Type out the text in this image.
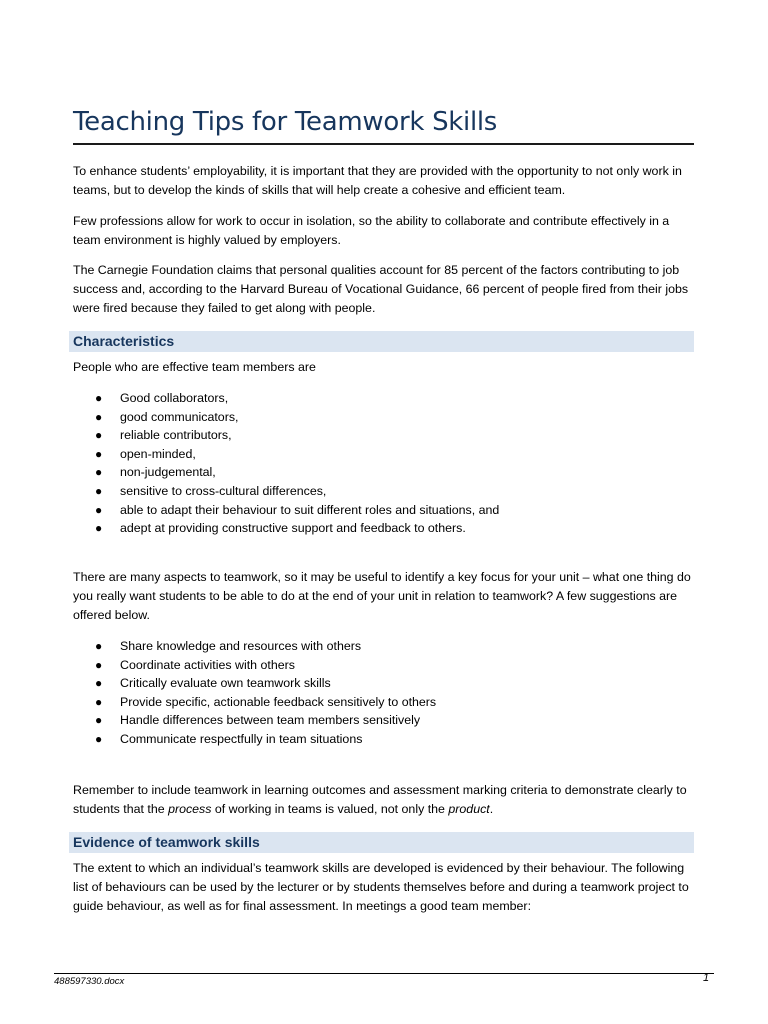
Teaching Tips for Teamwork Skills

To enhance students’ employability, it is important that they are provided with the opportunity to not only work in teams, but to develop the kinds of skills that will help create a cohesive and efficient team.

Few professions allow for work to occur in isolation, so the ability to collaborate and contribute effectively in a team environment is highly valued by employers.

The Carnegie Foundation claims that personal qualities account for 85 percent of the factors contributing to job success and, according to the Harvard Bureau of Vocational Guidance, 66 percent of people fired from their jobs were fired because they failed to get along with people.

Characteristics

People who are effective team members are

● Good collaborators,
● good communicators,
● reliable contributors,
● open-minded,
● non-judgemental,
● sensitive to cross-cultural differences,
● able to adapt their behaviour to suit different roles and situations, and
● adept at providing constructive support and feedback to others.

There are many aspects to teamwork, so it may be useful to identify a key focus for your unit – what one thing do you really want students to be able to do at the end of your unit in relation to teamwork? A few suggestions are offered below.

● Share knowledge and resources with others
● Coordinate activities with others
● Critically evaluate own teamwork skills
● Provide specific, actionable feedback sensitively to others
● Handle differences between team members sensitively
● Communicate respectfully in team situations

Remember to include teamwork in learning outcomes and assessment marking criteria to demonstrate clearly to students that the process of working in teams is valued, not only the product.

Evidence of teamwork skills

The extent to which an individual’s teamwork skills are developed is evidenced by their behaviour. The following list of behaviours can be used by the lecturer or by students themselves before and during a teamwork project to guide behaviour, as well as for final assessment. In meetings a good team member:

488597330.docx	1
